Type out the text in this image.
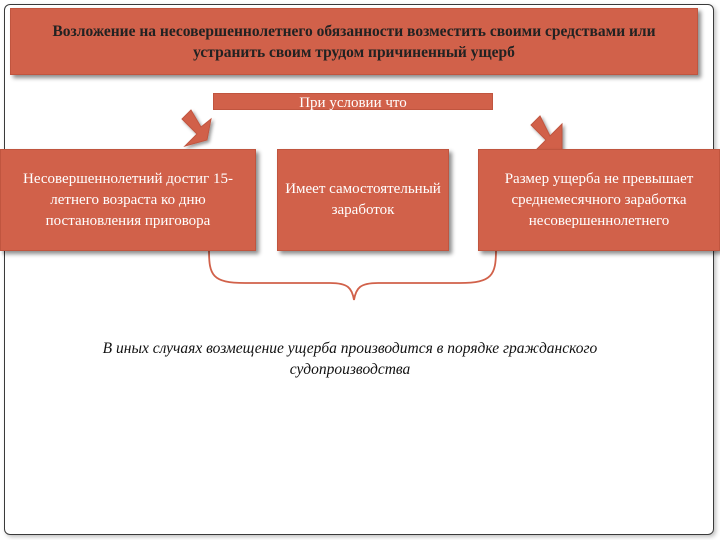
Возложение на несовершеннолетнего обязанности возместить своими средствами или устранить своим трудом причиненный ущерб
При условии что
Несовершеннолетний достиг 15-летнего возраста ко дню постановления приговора
Имеет самостоятельный заработок
Размер ущерба не превышает среднемесячного заработка несовершеннолетнего
В иных случаях возмещение ущерба производится в порядке гражданского судопроизводства
